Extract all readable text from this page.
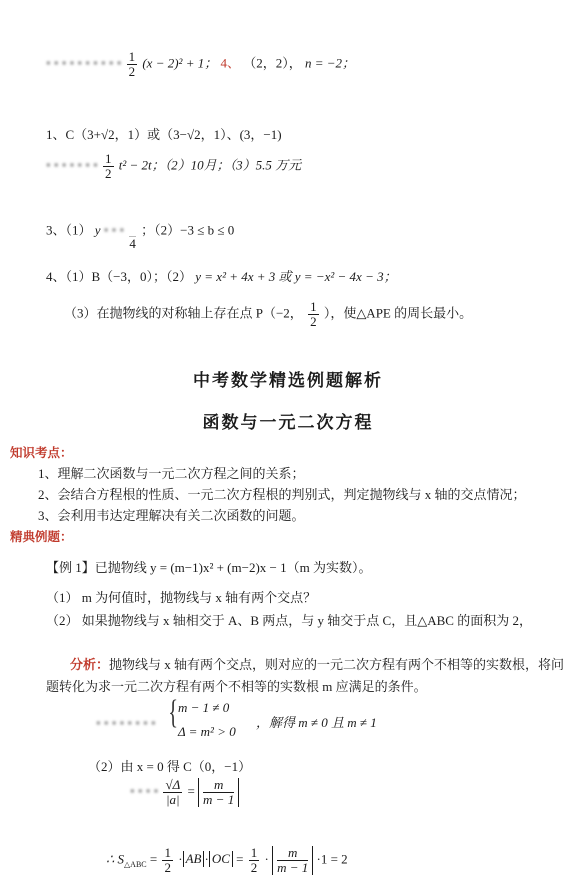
▪ ▪ ▪ ▪ ▪ ▪ ▪ ▪ ▪ ▪ $\frac{1}{2} (x - 2)^2 + 1$； 4、 （2，2）， n = −2；
1、C（3+√2，1）或（3−√2，1）、(3，−1)
▪ ▪ ▪ ▪ ▪ ▪ ▪ $\frac{1}{2} t^2 - 2t$；（2）10月；（3）5.5 万元
3、（1） y ▪ ▪ ▪

4
；（2）−3 ≤ b ≤ 0
4、（1）B（−3，0）；（2） y = x² + 4x + 3 或 y = −x² − 4x − 3；
（3）在抛物线的对称轴上存在点 P（−2， $\frac{1}{2}$ ），使△APE 的周长最小。
中考数学精选例题解析
函数与一元二次方程
知识考点：
1、理解二次函数与一元二次方程之间的关系；
2、会结合方程根的性质、一元二次方程根的判别式，判定抛物线与 x 轴的交点情况；
3、会利用韦达定理解决有关二次函数的问题。
精典例题：
【例 1】已抛物线 y = (m−1)x² + (m−2)x − 1（m 为实数）。
（1） m 为何值时，抛物线与 x 轴有两个交点？
（2） 如果抛物线与 x 轴相交于 A、B 两点，与 y 轴交于点 C，且△ABC 的面积为 2，
分析：抛物线与 x 轴有两个交点，则对应的一元二次方程有两个不相等的实数根，将问
题转化为求一元二次方程有两个不相等的实数根 m 应满足的条件。
▪ ▪ ▪ ▪ ▪ ▪ ▪ ▪ { m − 1 ≠ 0
Δ = m² > 0
，解得 m ≠ 0 且 m ≠ 1
（2）由 x = 0 得 C（0，−1）
▪ ▪ ▪ ▪ $\frac{√\Delta}{|a|} = \frac{m}{m - 1}$
∴ $S_{\triangle ABC} = \frac{1}{2}$ · AB · OC = $\frac{1}{2} \cdot \frac{m}{m - 1} \cdot 1 = 2$
